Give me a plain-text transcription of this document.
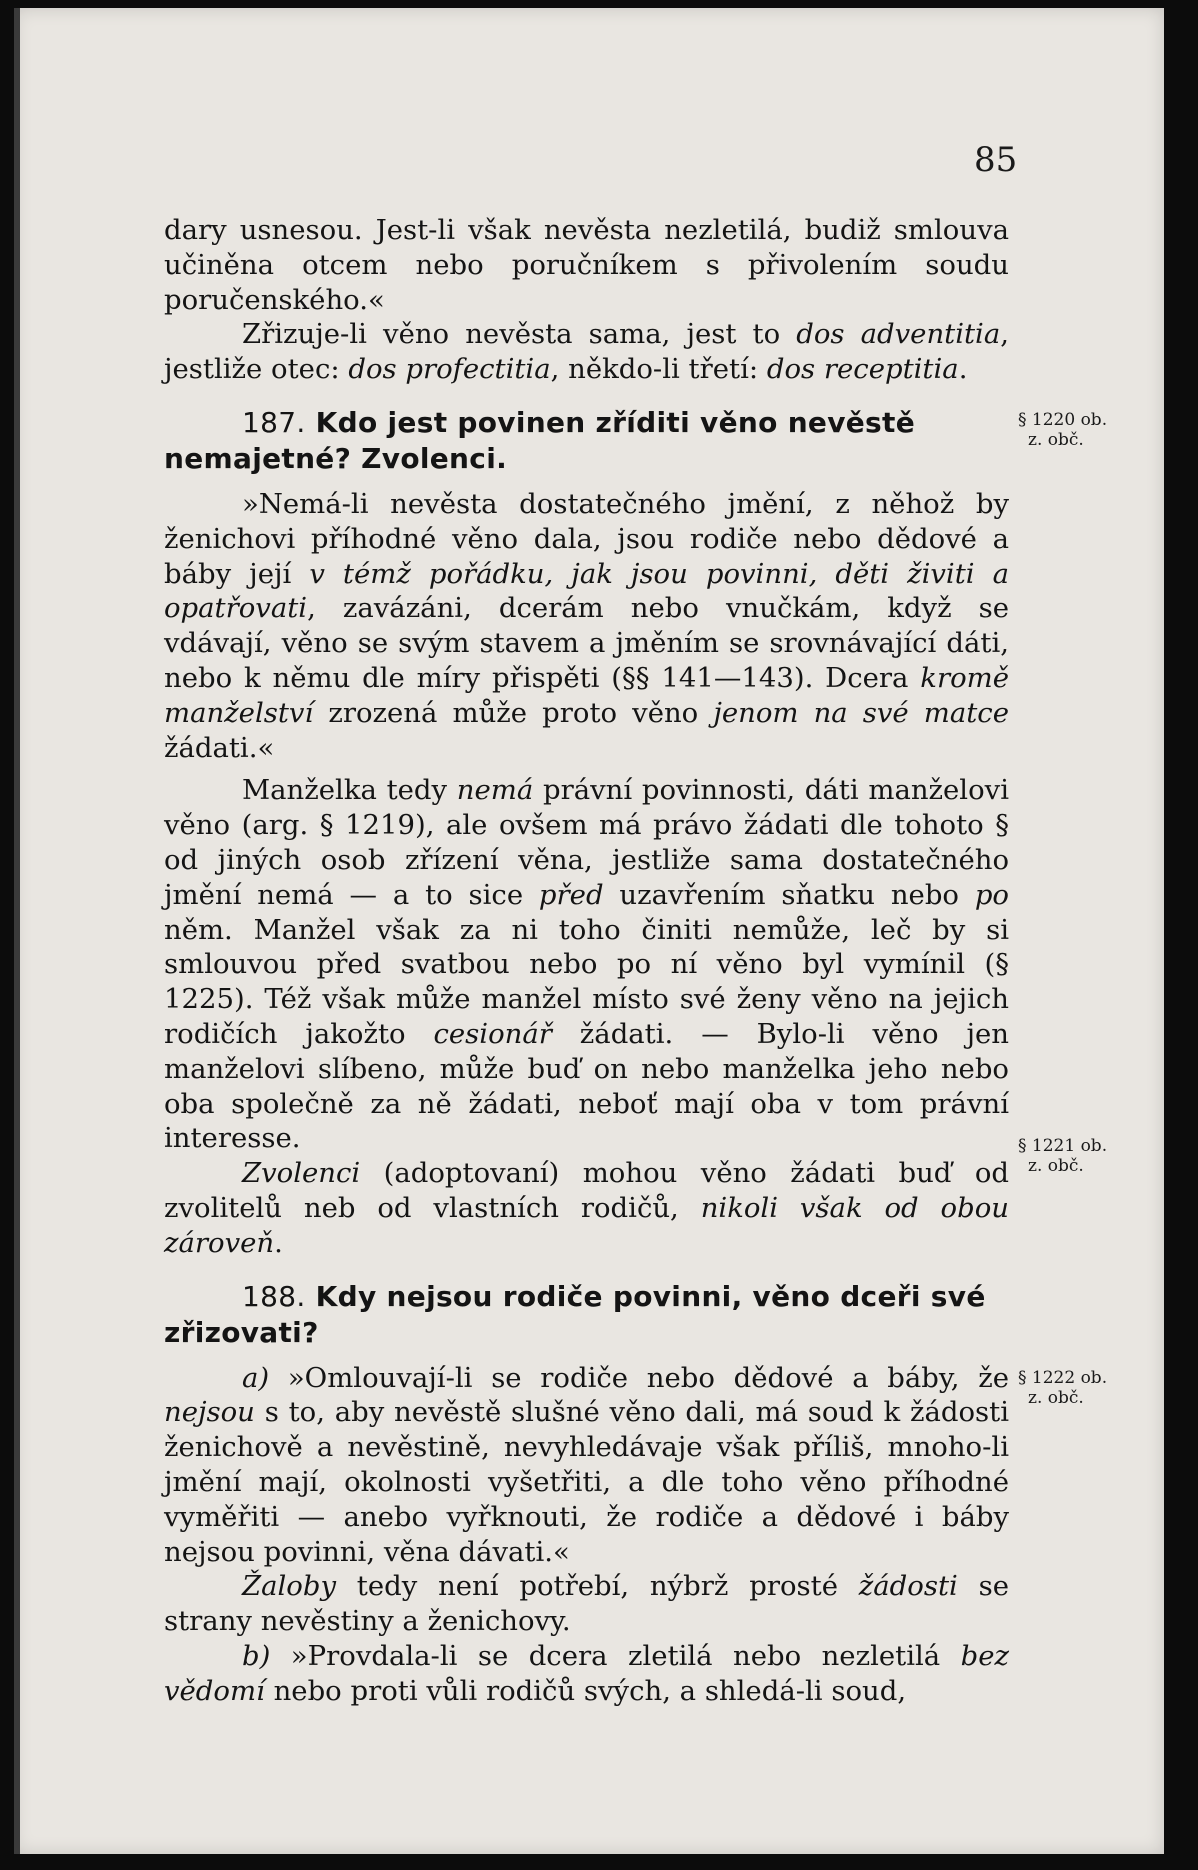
85

dary usnesou. Jest-li však nevěsta nezletilá, budiž smlouva učiněna otcem nebo poručníkem s přivolením soudu poručenského.«

Zřizuje-li věno nevěsta sama, jest to dos adventitia, jestliže otec: dos profectitia, někdo-li třetí: dos receptitia.

187. Kdo jest povinen zříditi věno nevěstě nemajetné? Zvolenci.

»Nemá-li nevěsta dostatečného jmění, z něhož by ženichovi příhodné věno dala, jsou rodiče nebo dědové a báby její v témž pořádku, jak jsou povinni, děti živiti a opatřovati, zavázáni, dcerám nebo vnučkám, když se vdávají, věno se svým stavem a jměním se srovnávající dáti, nebo k němu dle míry přispěti (§§ 141—143). Dcera kromě manželství zrozená může proto věno jenom na své matce žádati.«

Manželka tedy nemá právní povinnosti, dáti manželovi věno (arg. § 1219), ale ovšem má právo žádati dle tohoto § od jiných osob zřízení věna, jestliže sama dostatečného jmění nemá — a to sice před uzavřením sňatku nebo po něm. Manžel však za ni toho činiti nemůže, leč by si smlouvou před svatbou nebo po ní věno byl vymínil (§ 1225). Též však může manžel místo své ženy věno na jejich rodičích jakožto cesionář žádati. — Bylo-li věno jen manželovi slíbeno, může buď on nebo manželka jeho nebo oba společně za ně žádati, neboť mají oba v tom právní interesse.

Zvolenci (adoptovaní) mohou věno žádati buď od zvolitelů neb od vlastních rodičů, nikoli však od obou zároveň.

188. Kdy nejsou rodiče povinni, věno dceři své zřizovati?

a) »Omlouvají-li se rodiče nebo dědové a báby, že nejsou s to, aby nevěstě slušné věno dali, má soud k žádosti ženichově a nevěstině, nevyhledávaje však příliš, mnoho-li jmění mají, okolnosti vyšetřiti, a dle toho věno příhodné vyměřiti — anebo vyřknouti, že rodiče a dědové i báby nejsou povinni, věna dávati.«

Žaloby tedy není potřebí, nýbrž prosté žádosti se strany nevěstiny a ženichovy.

b) »Provdala-li se dcera zletilá nebo nezletilá bez vědomí nebo proti vůli rodičů svých, a shledá-li soud,

§ 1220 ob.
z. obč.
§ 1221 ob.
z. obč.
§ 1222 ob.
z. obč.
